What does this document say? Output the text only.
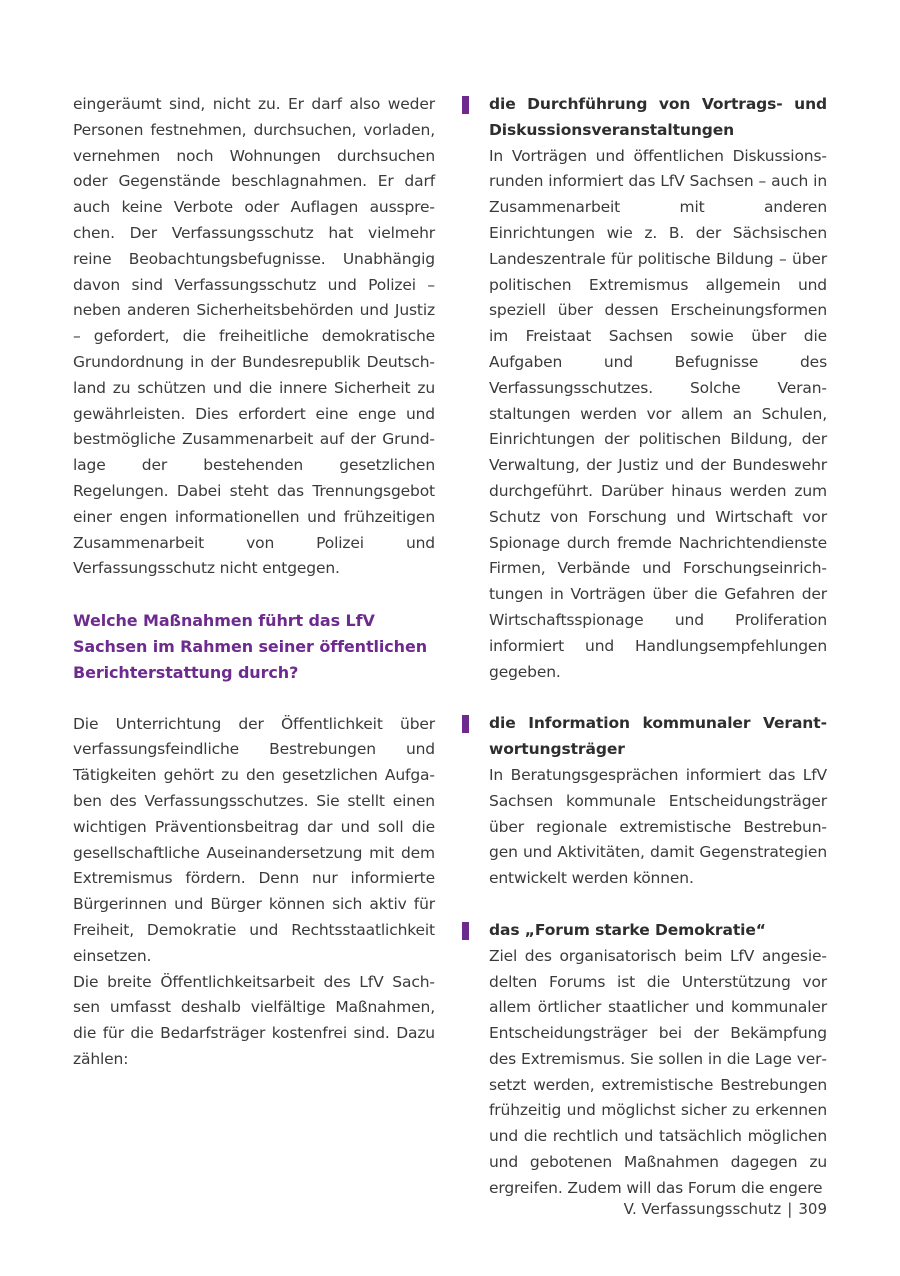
eingeräumt sind, nicht zu. Er darf also weder Personen festnehmen, durchsuchen, vorladen, vernehmen noch Wohnungen durchsuchen oder Gegenstände beschlagnahmen. Er darf auch keine Verbote oder Auflagen aussprechen. Der Verfassungsschutz hat vielmehr reine Beobachtungsbefugnisse. Unabhängig davon sind Verfassungsschutz und Polizei – neben anderen Sicherheitsbehörden und Justiz – gefordert, die freiheitliche demokratische Grundordnung in der Bundesrepublik Deutschland zu schützen und die innere Sicherheit zu gewährleisten. Dies erfordert eine enge und bestmögliche Zusammenarbeit auf der Grundlage der bestehenden gesetzlichen Regelungen. Dabei steht das Trennungsgebot einer engen informationellen und frühzeitigen Zusammenarbeit von Polizei und Verfassungsschutz nicht entgegen.

Welche Maßnahmen führt das LfV Sachsen im Rahmen seiner öffentlichen Berichterstattung durch?

Die Unterrichtung der Öffentlichkeit über verfassungsfeindliche Bestrebungen und Tätigkeiten gehört zu den gesetzlichen Aufgaben des Verfassungsschutzes. Sie stellt einen wichtigen Präventionsbeitrag dar und soll die gesellschaftliche Auseinandersetzung mit dem Extremismus fördern. Denn nur informierte Bürgerinnen und Bürger können sich aktiv für Freiheit, Demokratie und Rechtsstaatlichkeit einsetzen.

Die breite Öffentlichkeitsarbeit des LfV Sachsen umfasst deshalb vielfältige Maßnahmen, die für die Bedarfsträger kostenfrei sind. Dazu zählen:

die Durchführung von Vortrags- und Diskussionsveranstaltungen

In Vorträgen und öffentlichen Diskussionsrunden informiert das LfV Sachsen – auch in Zusammenarbeit mit anderen Einrichtungen wie z. B. der Sächsischen Landeszentrale für politische Bildung – über politischen Extremismus allgemein und speziell über dessen Erscheinungsformen im Freistaat Sachsen sowie über die Aufgaben und Befugnisse des Verfassungsschutzes. Solche Veranstaltungen werden vor allem an Schulen, Einrichtungen der politischen Bildung, der Verwaltung, der Justiz und der Bundeswehr durchgeführt. Darüber hinaus werden zum Schutz von Forschung und Wirtschaft vor Spionage durch fremde Nachrichtendienste Firmen, Verbände und Forschungseinrichtungen in Vorträgen über die Gefahren der Wirtschaftsspionage und Proliferation informiert und Handlungsempfehlungen gegeben.

die Information kommunaler Verantwortungsträger

In Beratungsgesprächen informiert das LfV Sachsen kommunale Entscheidungsträger über regionale extremistische Bestrebungen und Aktivitäten, damit Gegenstrategien entwickelt werden können.

das „Forum starke Demokratie“

Ziel des organisatorisch beim LfV angesiedelten Forums ist die Unterstützung vor allem örtlicher staatlicher und kommunaler Entscheidungsträger bei der Bekämpfung des Extremismus. Sie sollen in die Lage versetzt werden, extremistische Bestrebungen frühzeitig und möglichst sicher zu erkennen und die rechtlich und tatsächlich möglichen und gebotenen Maßnahmen dagegen zu ergreifen. Zudem will das Forum die engere

V. Verfassungsschutz | 309
